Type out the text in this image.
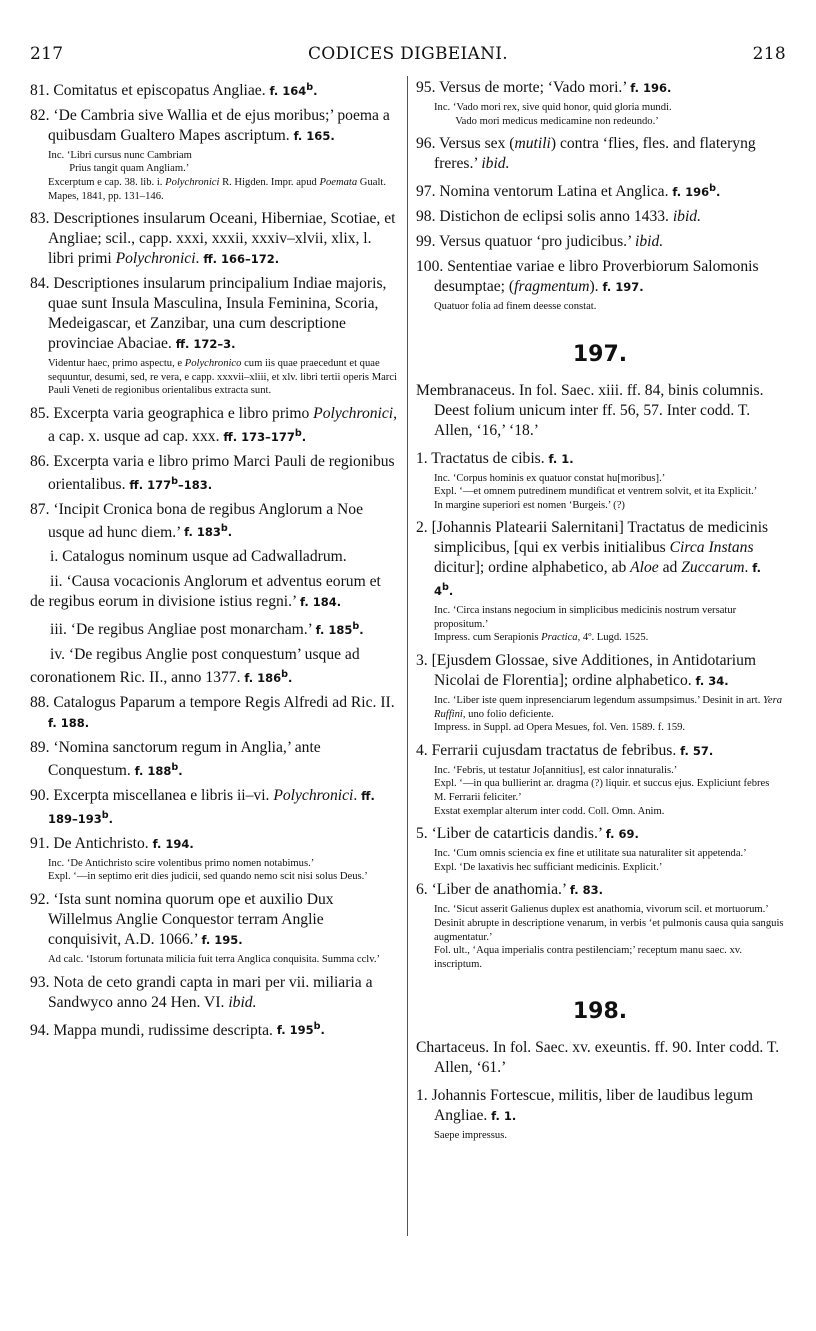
217	CODICES DIGBEIANI.	218
81. Comitatus et episcopatus Angliae. f. 164$^b$.
82. ‘De Cambria sive Wallia et de ejus moribus;’ poema a quibusdam Gualtero Mapes ascriptum. f. 165.
Inc. ‘Libri cursus nunc Cambriam
Prius tangit quam Angliam.’
Excerptum e cap. 38. lib. i. Polychronici R. Higden. Impr. apud Poemata Gualt. Mapes, 1841, pp. 131–146.
83. Descriptiones insularum Oceani, Hiberniae, Scotiae, et Angliae; scil., capp. xxxi, xxxii, xxxiv–xlvii, xlix, l. libri primi Polychronici. ff. 166–172.
84. Descriptiones insularum principalium Indiae majoris, quae sunt Insula Masculina, Insula Feminina, Scoria, Medeigascar, et Zanzibar, una cum descriptione provinciae Abaciae. ff. 172–3.
Videntur haec, primo aspectu, e Polychronico cum iis quae praecedunt et quae sequuntur, desumi, sed, re vera, e capp. xxxvii–xliii, et xlv. libri tertii operis Marci Pauli Veneti de regionibus orientalibus extracta sunt.
85. Excerpta varia geographica e libro primo Polychronici, a cap. x. usque ad cap. xxx. ff. 173–177$^b$.
86. Excerpta varia e libro primo Marci Pauli de regionibus orientalibus. ff. 177$^b$–183.
87. ‘Incipit Cronica bona de regibus Anglorum a Noe usque ad hunc diem.’ f. 183$^b$.
i. Catalogus nominum usque ad Cadwalladrum.
ii. ‘Causa vocacionis Anglorum et adventus eorum et de regibus eorum in divisione istius regni.’ f. 184.
iii. ‘De regibus Angliae post monarcham.’ f. 185$^b$.
iv. ‘De regibus Anglie post conquestum’ usque ad coronationem Ric. II., anno 1377. f. 186$^b$.
88. Catalogus Paparum a tempore Regis Alfredi ad Ric. II. f. 188.
89. ‘Nomina sanctorum regum in Anglia,’ ante Conquestum. f. 188$^b$.
90. Excerpta miscellanea e libris ii–vi. Polychronici. ff. 189–193$^b$.
91. De Antichristo. f. 194.
Inc. ‘De Antichristo scire volentibus primo nomen notabimus.’
Expl. ‘—in septimo erit dies judicii, sed quando nemo scit nisi solus Deus.’
92. ‘Ista sunt nomina quorum ope et auxilio Dux Willelmus Anglie Conquestor terram Anglie conquisivit, A.D. 1066.’ f. 195.
Ad calc. ‘Istorum fortunata milicia fuit terra Anglica conquisita. Summa cclv.’
93. Nota de ceto grandi capta in mari per vii. miliaria a Sandwyco anno 24 Hen. VI. ibid.
94. Mappa mundi, rudissime descripta. f. 195$^b$.
95. Versus de morte; ‘Vado mori.’ f. 196.
Inc. ‘Vado mori rex, sive quid honor, quid gloria mundi.
Vado mori medicus medicamine non redeundo.’
96. Versus sex (mutili) contra ‘flies, fles. and flateryng freres.’ ibid.
97. Nomina ventorum Latina et Anglica. f. 196$^b$.
98. Distichon de eclipsi solis anno 1433. ibid.
99. Versus quatuor ‘pro judicibus.’ ibid.
100. Sententiae variae e libro Proverbiorum Salomonis desumptae; (fragmentum). f. 197.
Quatuor folia ad finem deesse constat.
197.
Membranaceus. In fol. Saec. xiii. ff. 84, binis columnis. Deest folium unicum inter ff. 56, 57. Inter codd. T. Allen, ‘16,’ ‘18.’
1. Tractatus de cibis. f. 1.
Inc. ‘Corpus hominis ex quatuor constat hu[moribus].’
Expl. ‘—et omnem putredinem mundificat et ventrem solvit, et ita Explicit.’
In margine superiori est nomen ‘Burgeis.’ (?)
2. [Johannis Platearii Salernitani] Tractatus de medicinis simplicibus, [qui ex verbis initialibus Circa Instans dicitur]; ordine alphabetico, ab Aloe ad Zuccarum. f. 4$^b$.
Inc. ‘Circa instans negocium in simplicibus medicinis nostrum versatur propositum.’
Impress. cum Serapionis Practica, 4º. Lugd. 1525.
3. [Ejusdem Glossae, sive Additiones, in Antidotarium Nicolai de Florentia]; ordine alphabetico. f. 34.
Inc. ‘Liber iste quem inpresenciarum legendum assumpsimus.’ Desinit in art. Yera Ruffini, uno folio deficiente.
Impress. in Suppl. ad Opera Mesues, fol. Ven. 1589. f. 159.
4. Ferrarii cujusdam tractatus de febribus. f. 57.
Inc. ‘Febris, ut testatur Jo[annitius], est calor innaturalis.’
Expl. ‘—in qua bullierint ar. dragma (?) liquir. et succus ejus. Expliciunt febres M. Ferrarii feliciter.’
Exstat exemplar alterum inter codd. Coll. Omn. Anim.
5. ‘Liber de catarticis dandis.’ f. 69.
Inc. ‘Cum omnis sciencia ex fine et utilitate sua naturaliter sit appetenda.’
Expl. ‘De laxativis hec sufficiant medicinis. Explicit.’
6. ‘Liber de anathomia.’ f. 83.
Inc. ‘Sicut asserit Galienus duplex est anathomia, vivorum scil. et mortuorum.’
Desinit abrupte in descriptione venarum, in verbis ‘et pulmonis causa quia sanguis augmentatur.’
Fol. ult., ‘Aqua imperialis contra pestilenciam;’ receptum manu saec. xv. inscriptum.
198.
Chartaceus. In fol. Saec. xv. exeuntis. ff. 90. Inter codd. T. Allen, ‘61.’
1. Johannis Fortescue, militis, liber de laudibus legum Angliae. f. 1.
Saepe impressus.
